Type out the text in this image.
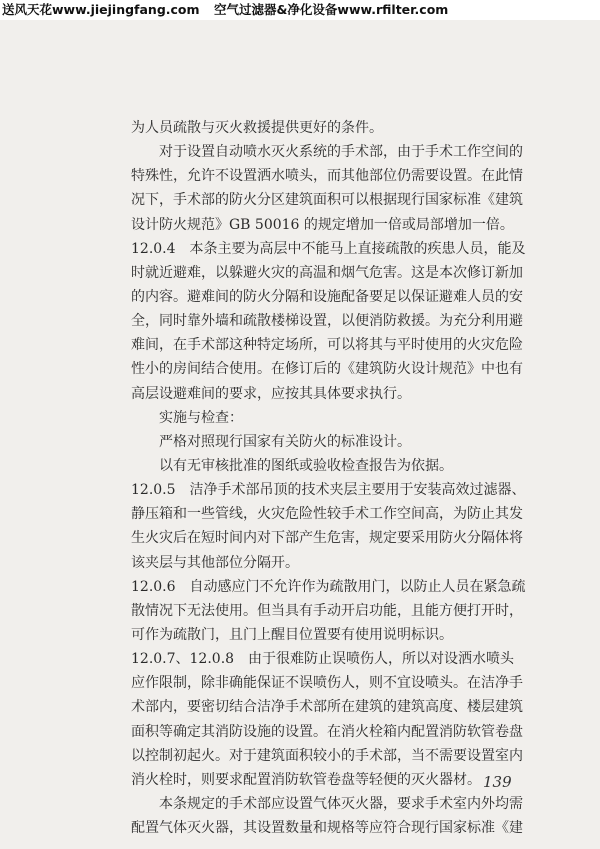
送风天花www.jiejingfang.com 空气过滤器&净化设备www.rfilter.com
为人员疏散与灭火救援提供更好的条件。
对于设置自动喷水灭火系统的手术部，由于手术工作空间的
特殊性，允许不设置洒水喷头，而其他部位仍需要设置。在此情
况下，手术部的防火分区建筑面积可以根据现行国家标准《建筑
设计防火规范》GB 50016 的规定增加一倍或局部增加一倍。
12.0.4　本条主要为高层中不能马上直接疏散的疾患人员，能及
时就近避难，以躲避火灾的高温和烟气危害。这是本次修订新加
的内容。避难间的防火分隔和设施配备要足以保证避难人员的安
全，同时靠外墙和疏散楼梯设置，以便消防救援。为充分利用避
难间，在手术部这种特定场所，可以将其与平时使用的火灾危险
性小的房间结合使用。在修订后的《建筑防火设计规范》中也有
高层设避难间的要求，应按其具体要求执行。
实施与检查：
严格对照现行国家有关防火的标准设计。
以有无审核批准的图纸或验收检查报告为依据。
12.0.5　洁净手术部吊顶的技术夹层主要用于安装高效过滤器、
静压箱和一些管线，火灾危险性较手术工作空间高，为防止其发
生火灾后在短时间内对下部产生危害，规定要采用防火分隔体将
该夹层与其他部位分隔开。
12.0.6　自动感应门不允许作为疏散用门，以防止人员在紧急疏
散情况下无法使用。但当具有手动开启功能，且能方便打开时，
可作为疏散门，且门上醒目位置要有使用说明标识。
12.0.7、12.0.8　由于很难防止误喷伤人，所以对设洒水喷头
应作限制，除非确能保证不误喷伤人，则不宜设喷头。在洁净手
术部内，要密切结合洁净手术部所在建筑的建筑高度、楼层建筑
面积等确定其消防设施的设置。在消火栓箱内配置消防软管卷盘
以控制初起火。对于建筑面积较小的手术部，当不需要设置室内
消火栓时，则要求配置消防软管卷盘等轻便的灭火器材。
本条规定的手术部应设置气体灭火器，要求手术室内外均需
配置气体灭火器，其设置数量和规格等应符合现行国家标准《建
139
